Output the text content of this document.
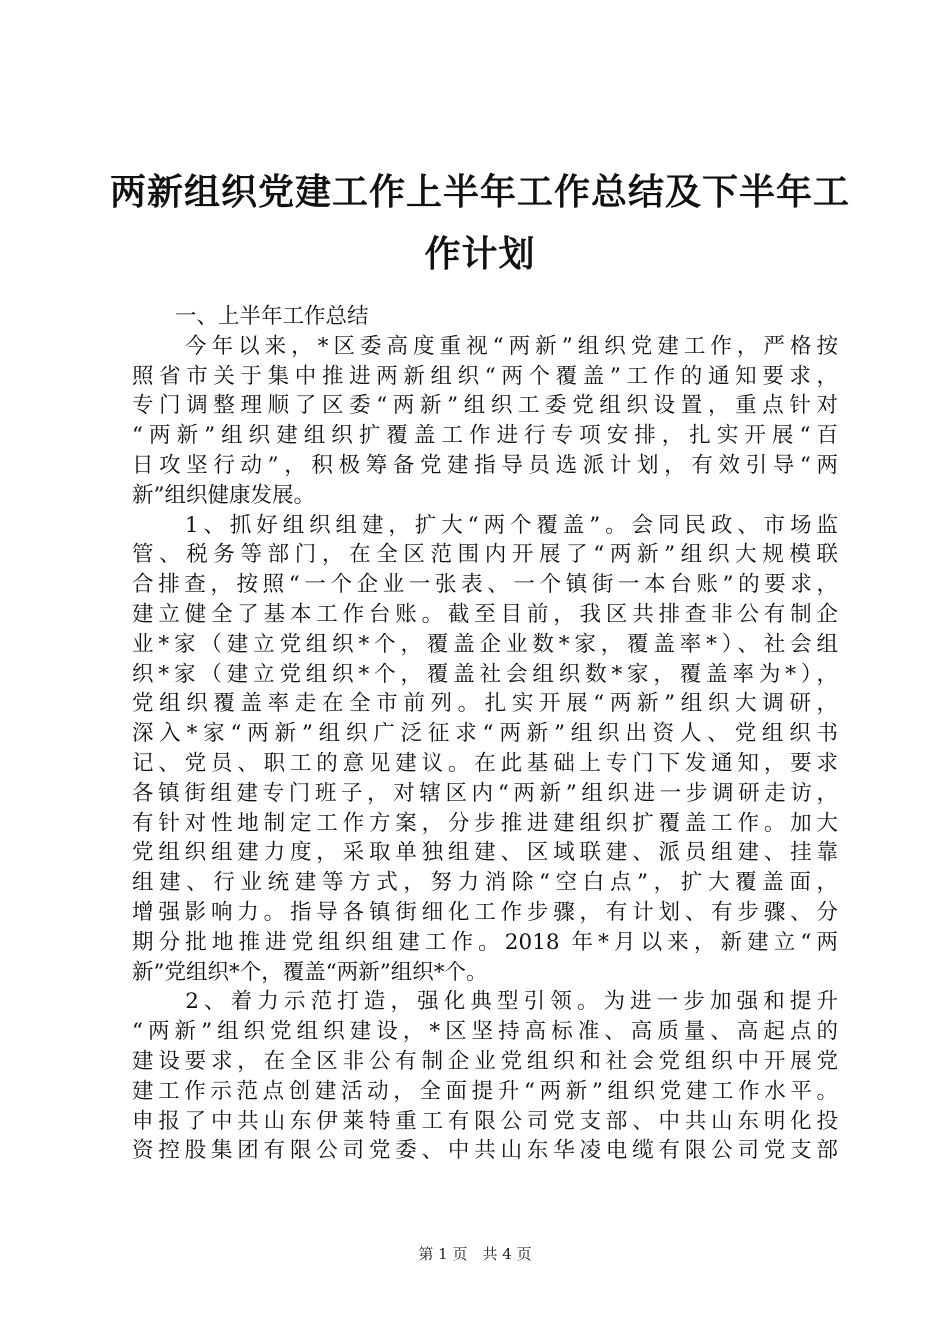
两新组织党建工作上半年工作总结及下半年工
作计划
　　一、上半年工作总结
　　今年以来，*区委高度重视“两新”组织党建工作，严格按
照省市关于集中推进两新组织“两个覆盖”工作的通知要求，
专门调整理顺了区委“两新”组织工委党组织设置，重点针对
“两新”组织建组织扩覆盖工作进行专项安排，扎实开展“百
日攻坚行动”，积极筹备党建指导员选派计划，有效引导“两
新”组织健康发展。
　　1、抓好组织组建，扩大“两个覆盖”。会同民政、市场监
管、税务等部门，在全区范围内开展了“两新”组织大规模联
合排查，按照“一个企业一张表、一个镇街一本台账”的要求，
建立健全了基本工作台账。截至目前，我区共排查非公有制企
业*家（建立党组织*个，覆盖企业数*家，覆盖率*）、社会组
织*家（建立党组织*个，覆盖社会组织数*家，覆盖率为*），
党组织覆盖率走在全市前列。扎实开展“两新”组织大调研，
深入*家“两新”组织广泛征求“两新”组织出资人、党组织书
记、党员、职工的意见建议。在此基础上专门下发通知，要求
各镇街组建专门班子，对辖区内“两新”组织进一步调研走访，
有针对性地制定工作方案，分步推进建组织扩覆盖工作。加大
党组织组建力度，采取单独组建、区域联建、派员组建、挂靠
组建、行业统建等方式，努力消除“空白点”，扩大覆盖面，
增强影响力。指导各镇街细化工作步骤，有计划、有步骤、分
期分批地推进党组织组建工作。2018 年*月以来，新建立“两
新”党组织*个，覆盖“两新”组织*个。
　　2、着力示范打造，强化典型引领。为进一步加强和提升
“两新”组织党组织建设，*区坚持高标准、高质量、高起点的
建设要求，在全区非公有制企业党组织和社会党组织中开展党
建工作示范点创建活动，全面提升“两新”组织党建工作水平。
申报了中共山东伊莱特重工有限公司党支部、中共山东明化投
资控股集团有限公司党委、中共山东华凌电缆有限公司党支部
第 1 页　共 4 页
